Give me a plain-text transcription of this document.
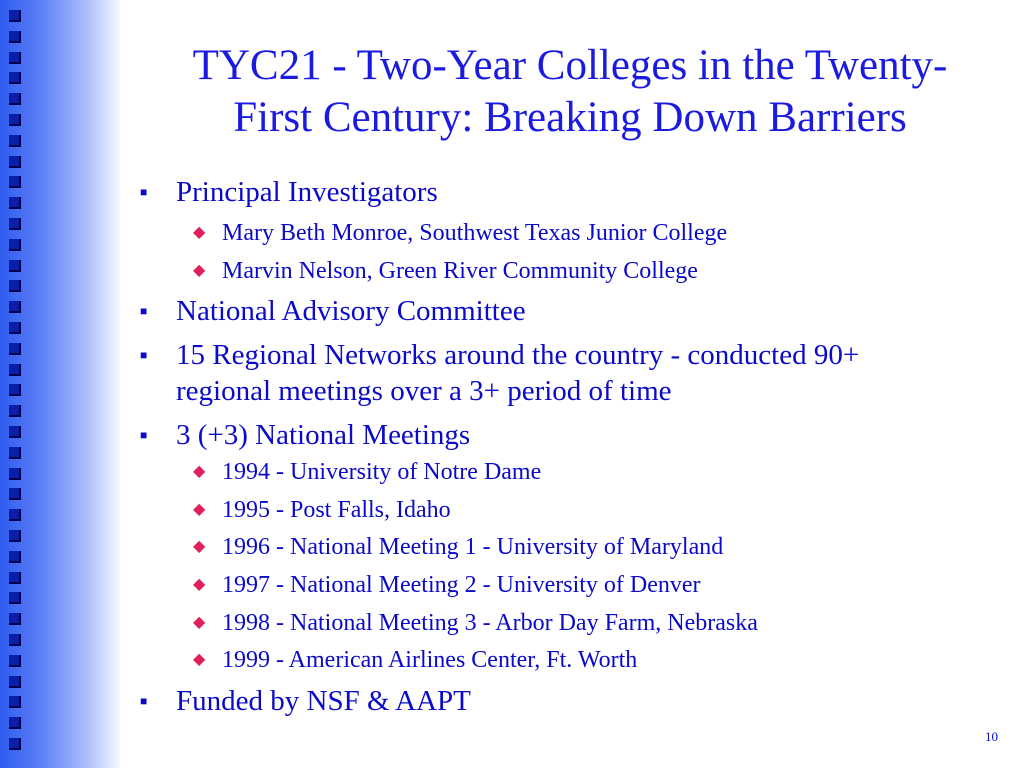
TYC21 - Two-Year Colleges in the Twenty-
First Century: Breaking Down Barriers
■ Principal Investigators
◆ Mary Beth Monroe, Southwest Texas Junior College
◆ Marvin Nelson, Green River Community College
■ National Advisory Committee
■ 15 Regional Networks around the country - conducted 90+
regional meetings over a 3+ period of time
■ 3 (+3) National Meetings
◆ 1994 - University of Notre Dame
◆ 1995 - Post Falls, Idaho
◆ 1996 - National Meeting 1 - University of Maryland
◆ 1997 - National Meeting 2 - University of Denver
◆ 1998 - National Meeting 3 - Arbor Day Farm, Nebraska
◆ 1999 - American Airlines Center, Ft. Worth
■ Funded by NSF & AAPT
10
